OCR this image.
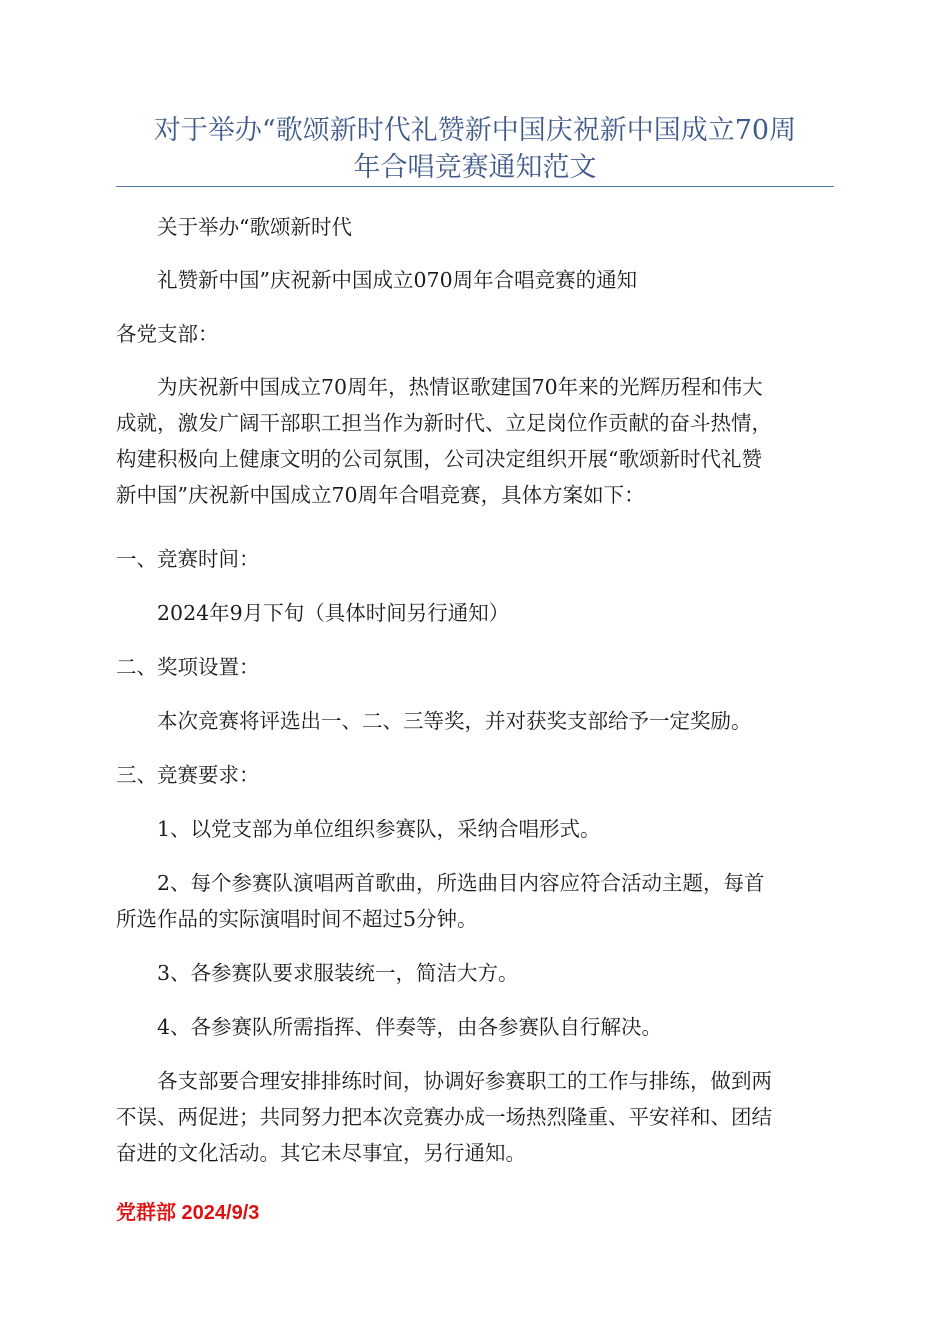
对于举办“歌颂新时代礼赞新中国庆祝新中国成立70周
年合唱竞赛通知范文

关于举办“歌颂新时代

礼赞新中国”庆祝新中国成立070周年合唱竞赛的通知

各党支部：

为庆祝新中国成立70周年，热情讴歌建国70年来的光辉历程和伟大
成就，激发广阔干部职工担当作为新时代、立足岗位作贡献的奋斗热情，
构建积极向上健康文明的公司氛围，公司决定组织开展“歌颂新时代礼赞
新中国”庆祝新中国成立70周年合唱竞赛，具体方案如下：

一、竞赛时间：

2024年9月下旬（具体时间另行通知）

二、奖项设置：

本次竞赛将评选出一、二、三等奖，并对获奖支部给予一定奖励。

三、竞赛要求：

1、以党支部为单位组织参赛队，采纳合唱形式。

2、每个参赛队演唱两首歌曲，所选曲目内容应符合活动主题，每首
所选作品的实际演唱时间不超过5分钟。

3、各参赛队要求服装统一，简洁大方。

4、各参赛队所需指挥、伴奏等，由各参赛队自行解决。

各支部要合理安排排练时间，协调好参赛职工的工作与排练，做到两
不误、两促进；共同努力把本次竞赛办成一场热烈隆重、平安祥和、团结
奋进的文化活动。其它未尽事宜，另行通知。

党群部 2024/9/3
